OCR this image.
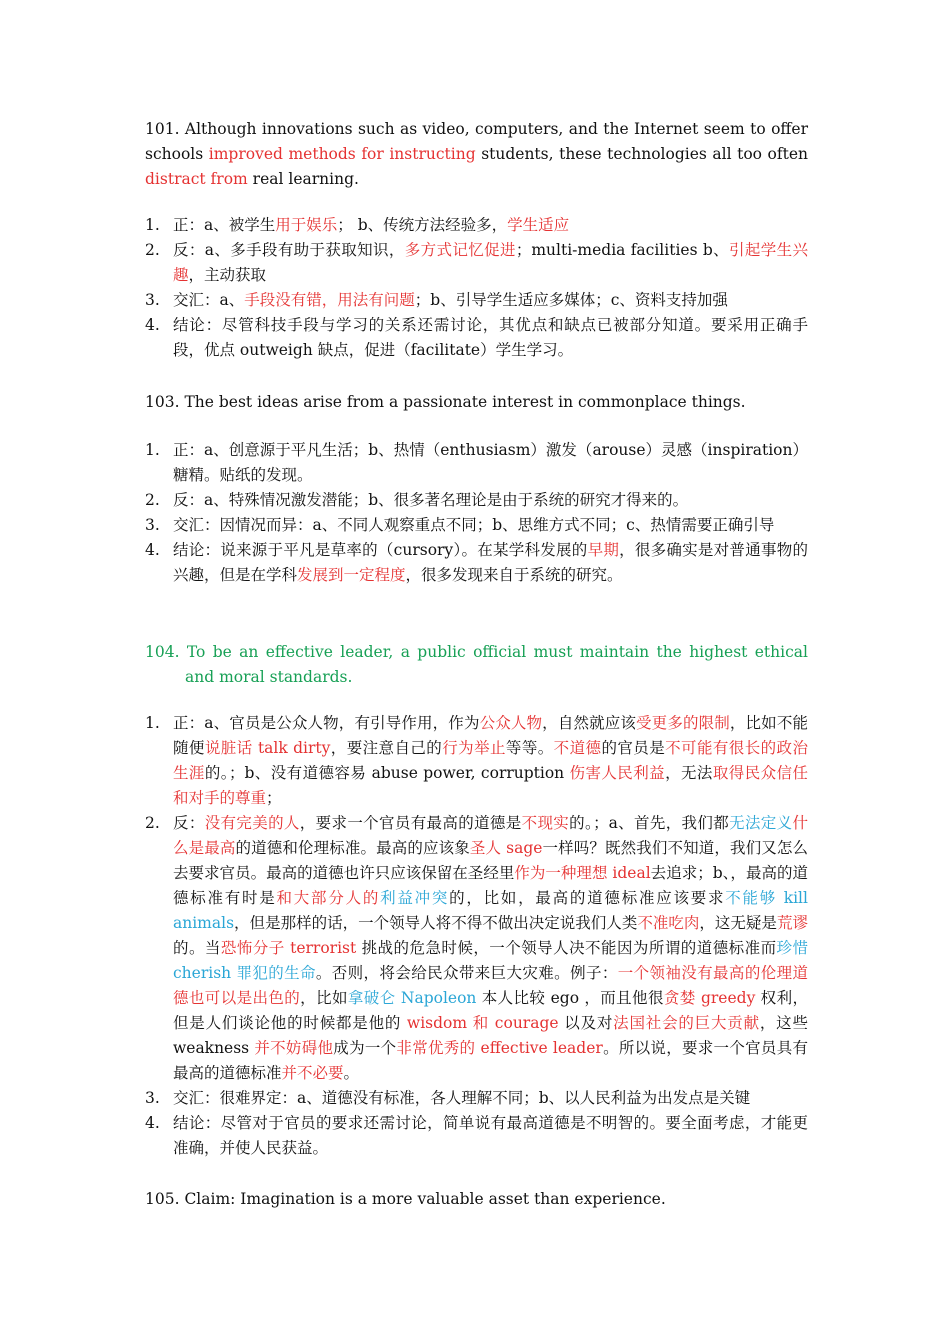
101. Although innovations such as video, computers, and the Internet seem to offer schools improved methods for instructing students, these technologies all too often distract from real learning.

1. 正：a、被学生用于娱乐； b、传统方法经验多，学生适应
2. 反：a、多手段有助于获取知识，多方式记忆促进；multi-media facilities b、引起学生兴趣，主动获取
3. 交汇：a、手段没有错，用法有问题；b、引导学生适应多媒体；c、资料支持加强
4. 结论：尽管科技手段与学习的关系还需讨论，其优点和缺点已被部分知道。要采用正确手段，优点 outweigh 缺点，促进（facilitate）学生学习。

103. The best ideas arise from a passionate interest in commonplace things.

1. 正：a、创意源于平凡生活；b、热情（enthusiasm）激发（arouse）灵感（inspiration）糖精。贴纸的发现。
2. 反：a、特殊情况激发潜能；b、很多著名理论是由于系统的研究才得来的。
3. 交汇：因情况而异：a、不同人观察重点不同；b、思维方式不同；c、热情需要正确引导
4. 结论：说来源于平凡是草率的（cursory）。在某学科发展的早期，很多确实是对普通事物的兴趣，但是在学科发展到一定程度，很多发现来自于系统的研究。

104. To be an effective leader, a public official must maintain the highest ethical and moral standards.

1. 正：a、官员是公众人物，有引导作用，作为公众人物，自然就应该受更多的限制，比如不能随便说脏话 talk dirty，要注意自己的行为举止等等。不道德的官员是不可能有很长的政治生涯的。；b、没有道德容易 abuse power, corruption 伤害人民利益，无法取得民众信任和对手的尊重；
2. 反：没有完美的人，要求一个官员有最高的道德是不现实的。；a、首先，我们都无法定义什么是最高的道德和伦理标准。最高的应该象圣人 sage一样吗？既然我们不知道，我们又怎么去要求官员。最高的道德也许只应该保留在圣经里作为一种理想 ideal去追求；b、，最高的道德标准有时是和大部分人的利益冲突的，比如，最高的道德标准应该要求不能够 kill animals，但是那样的话，一个领导人将不得不做出决定说我们人类不准吃肉，这无疑是荒谬的。当恐怖分子 terrorist 挑战的危急时候，一个领导人决不能因为所谓的道德标准而珍惜 cherish 罪犯的生命。否则，将会给民众带来巨大灾难。例子：一个领袖没有最高的伦理道德也可以是出色的，比如拿破仑 Napoleon 本人比较 ego ，而且他很贪婪 greedy 权利，但是人们谈论他的时候都是他的 wisdom 和 courage 以及对法国社会的巨大贡献，这些 weakness 并不妨碍他成为一个非常优秀的 effective leader。所以说，要求一个官员具有最高的道德标准并不必要。
3. 交汇：很难界定：a、道德没有标准，各人理解不同；b、以人民利益为出发点是关键
4. 结论：尽管对于官员的要求还需讨论，简单说有最高道德是不明智的。要全面考虑，才能更准确，并使人民获益。

105. Claim: Imagination is a more valuable asset than experience.
